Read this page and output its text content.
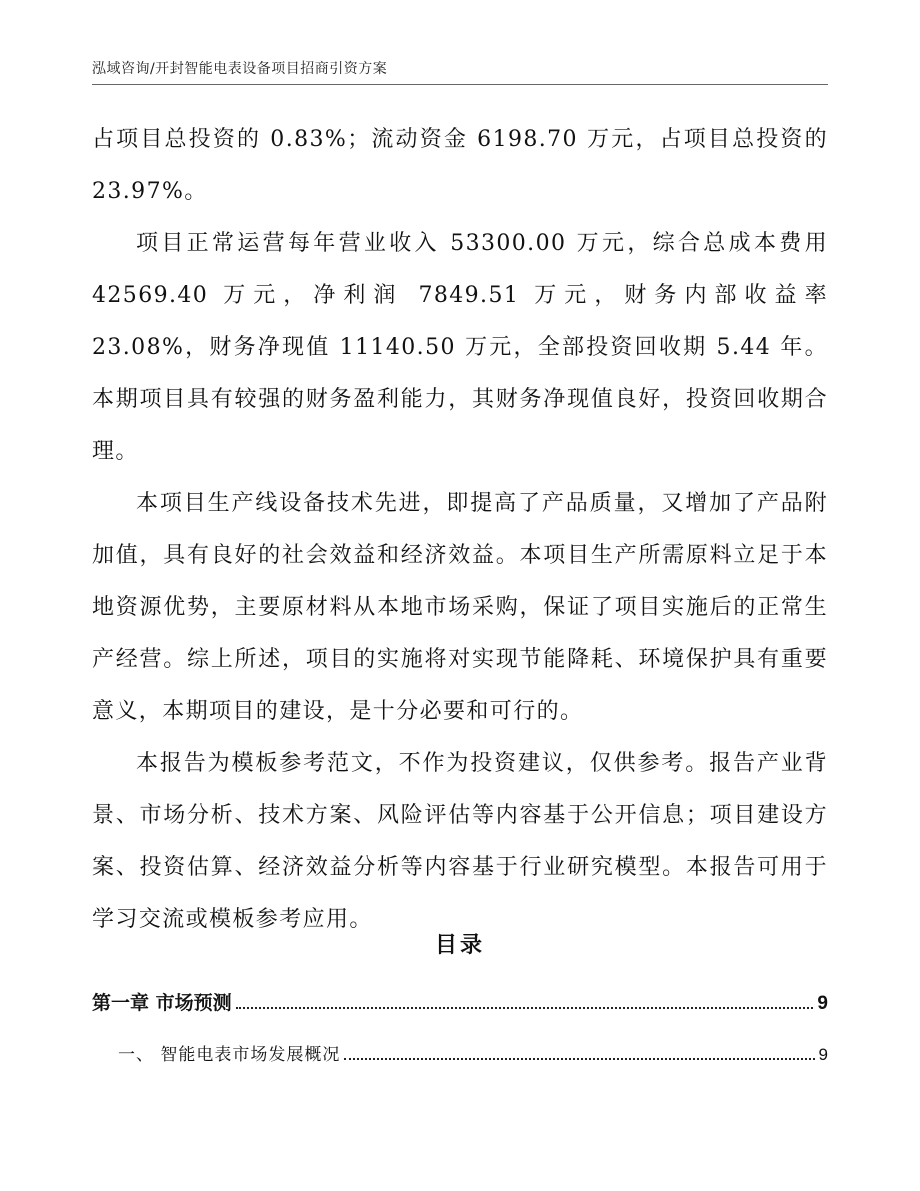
泓域咨询/开封智能电表设备项目招商引资方案

占项目总投资的 0.83%；流动资金 6198.70 万元，占项目总投资的 23.97%。

项目正常运营每年营业收入 53300.00 万元，综合总成本费用 42569.40 万元，净利润 7849.51 万元，财务内部收益率 23.08%，财务净现值 11140.50 万元，全部投资回收期 5.44 年。本期项目具有较强的财务盈利能力，其财务净现值良好，投资回收期合理。

本项目生产线设备技术先进，即提高了产品质量，又增加了产品附加值，具有良好的社会效益和经济效益。本项目生产所需原料立足于本地资源优势，主要原材料从本地市场采购，保证了项目实施后的正常生产经营。综上所述，项目的实施将对实现节能降耗、环境保护具有重要意义，本期项目的建设，是十分必要和可行的。

本报告为模板参考范文，不作为投资建议，仅供参考。报告产业背景、市场分析、技术方案、风险评估等内容基于公开信息；项目建设方案、投资估算、经济效益分析等内容基于行业研究模型。本报告可用于学习交流或模板参考应用。

目录
第一章 市场预测	9
一、 智能电表市场发展概况	9
